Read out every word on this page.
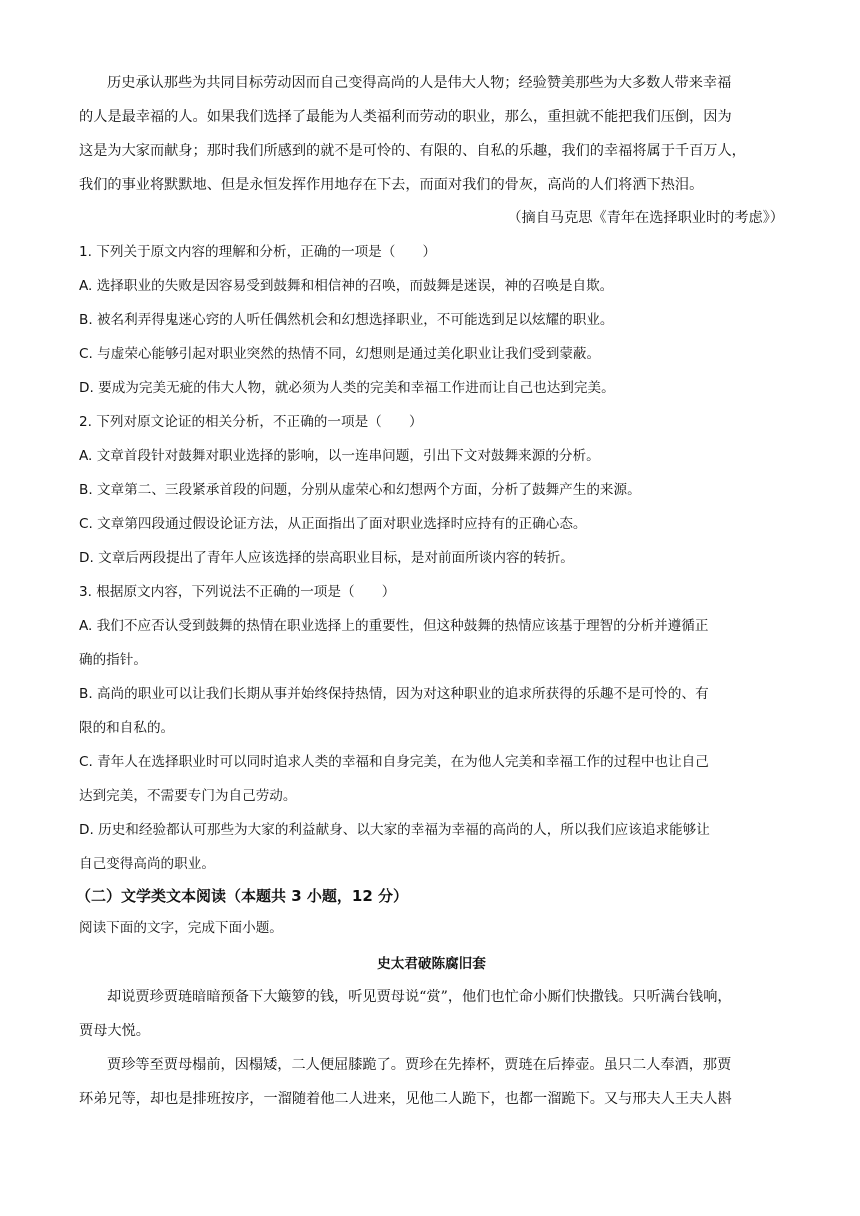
历史承认那些为共同目标劳动因而自己变得高尚的人是伟大人物；经验赞美那些为大多数人带来幸福
的人是最幸福的人。如果我们选择了最能为人类福利而劳动的职业，那么，重担就不能把我们压倒，因为
这是为大家而献身；那时我们所感到的就不是可怜的、有限的、自私的乐趣，我们的幸福将属于千百万人，
我们的事业将默默地、但是永恒发挥作用地存在下去，而面对我们的骨灰，高尚的人们将洒下热泪。
（摘自马克思《青年在选择职业时的考虑》）
1. 下列关于原文内容的理解和分析，正确的一项是（　　）
A. 选择职业的失败是因容易受到鼓舞和相信神的召唤，而鼓舞是迷误，神的召唤是自欺。
B. 被名利弄得鬼迷心窍的人听任偶然机会和幻想选择职业，不可能选到足以炫耀的职业。
C. 与虚荣心能够引起对职业突然的热情不同，幻想则是通过美化职业让我们受到蒙蔽。
D. 要成为完美无疵的伟大人物，就必须为人类的完美和幸福工作进而让自己也达到完美。
2. 下列对原文论证的相关分析，不正确的一项是（　　）
A. 文章首段针对鼓舞对职业选择的影响，以一连串问题，引出下文对鼓舞来源的分析。
B. 文章第二、三段紧承首段的问题，分别从虚荣心和幻想两个方面，分析了鼓舞产生的来源。
C. 文章第四段通过假设论证方法，从正面指出了面对职业选择时应持有的正确心态。
D. 文章后两段提出了青年人应该选择的崇高职业目标，是对前面所谈内容的转折。
3. 根据原文内容，下列说法不正确的一项是（　　）
A. 我们不应否认受到鼓舞的热情在职业选择上的重要性，但这种鼓舞的热情应该基于理智的分析并遵循正
确的指针。
B. 高尚的职业可以让我们长期从事并始终保持热情，因为对这种职业的追求所获得的乐趣不是可怜的、有
限的和自私的。
C. 青年人在选择职业时可以同时追求人类的幸福和自身完美，在为他人完美和幸福工作的过程中也让自己
达到完美，不需要专门为自己劳动。
D. 历史和经验都认可那些为大家的利益献身、以大家的幸福为幸福的高尚的人，所以我们应该追求能够让
自己变得高尚的职业。
（二）文学类文本阅读（本题共 3 小题，12 分）
阅读下面的文字，完成下面小题。
史太君破陈腐旧套
却说贾珍贾琏暗暗预备下大簸箩的钱，听见贾母说“赏”，他们也忙命小厮们快撒钱。只听满台钱响，
贾母大悦。
贾珍等至贾母榻前，因榻矮，二人便屈膝跪了。贾珍在先捧杯，贾琏在后捧壶。虽只二人奉酒，那贾
环弟兄等，却也是排班按序，一溜随着他二人进来，见他二人跪下，也都一溜跪下。又与邢夫人王夫人斟
